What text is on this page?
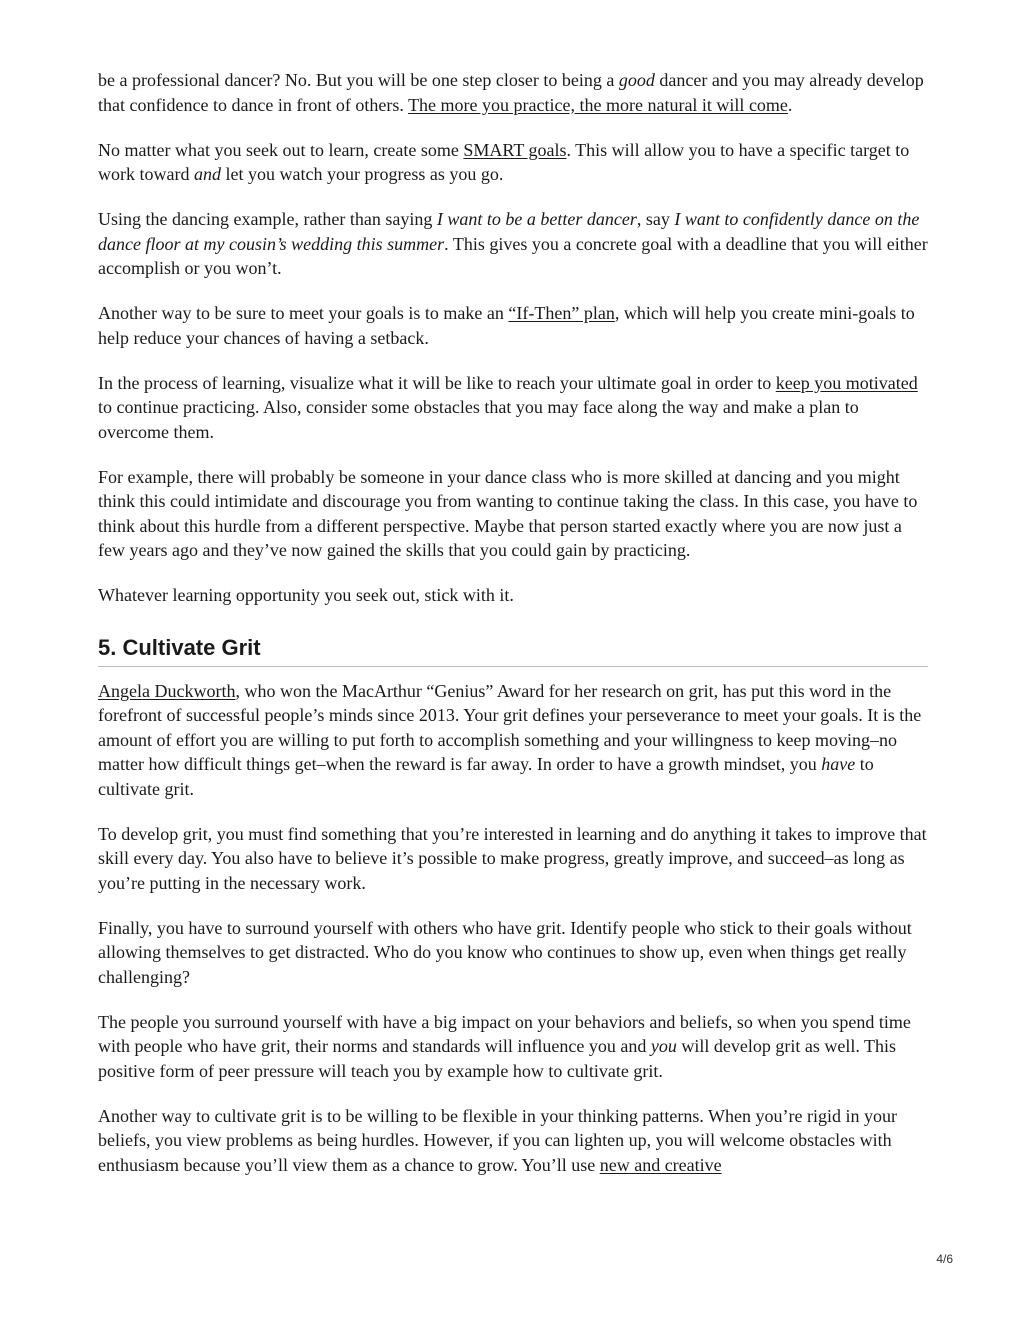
be a professional dancer? No. But you will be one step closer to being a good dancer and you may already develop that confidence to dance in front of others. The more you practice, the more natural it will come.

No matter what you seek out to learn, create some SMART goals. This will allow you to have a specific target to work toward and let you watch your progress as you go.

Using the dancing example, rather than saying I want to be a better dancer, say I want to confidently dance on the dance floor at my cousin’s wedding this summer. This gives you a concrete goal with a deadline that you will either accomplish or you won’t.

Another way to be sure to meet your goals is to make an “If-Then” plan, which will help you create mini-goals to help reduce your chances of having a setback.

In the process of learning, visualize what it will be like to reach your ultimate goal in order to keep you motivated to continue practicing. Also, consider some obstacles that you may face along the way and make a plan to overcome them.

For example, there will probably be someone in your dance class who is more skilled at dancing and you might think this could intimidate and discourage you from wanting to continue taking the class. In this case, you have to think about this hurdle from a different perspective. Maybe that person started exactly where you are now just a few years ago and they’ve now gained the skills that you could gain by practicing.

Whatever learning opportunity you seek out, stick with it.

5. Cultivate Grit

Angela Duckworth, who won the MacArthur “Genius” Award for her research on grit, has put this word in the forefront of successful people’s minds since 2013. Your grit defines your perseverance to meet your goals. It is the amount of effort you are willing to put forth to accomplish something and your willingness to keep moving–no matter how difficult things get–when the reward is far away. In order to have a growth mindset, you have to cultivate grit.

To develop grit, you must find something that you’re interested in learning and do anything it takes to improve that skill every day. You also have to believe it’s possible to make progress, greatly improve, and succeed–as long as you’re putting in the necessary work.

Finally, you have to surround yourself with others who have grit. Identify people who stick to their goals without allowing themselves to get distracted. Who do you know who continues to show up, even when things get really challenging?

The people you surround yourself with have a big impact on your behaviors and beliefs, so when you spend time with people who have grit, their norms and standards will influence you and you will develop grit as well. This positive form of peer pressure will teach you by example how to cultivate grit.

Another way to cultivate grit is to be willing to be flexible in your thinking patterns. When you’re rigid in your beliefs, you view problems as being hurdles. However, if you can lighten up, you will welcome obstacles with enthusiasm because you’ll view them as a chance to grow. You’ll use new and creative

4/6
